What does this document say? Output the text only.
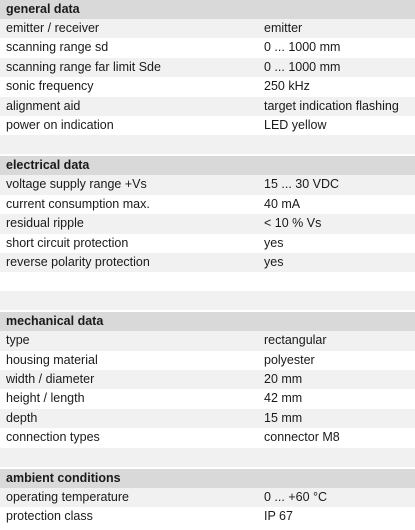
general data
emitter / receiver	emitter
scanning range sd	0 ... 1000 mm
scanning range far limit Sde	0 ... 1000 mm
sonic frequency	250 kHz
alignment aid	target indication flashing
power on indication	LED yellow
electrical data
voltage supply range +Vs	15 ... 30 VDC
current consumption max.	40 mA
residual ripple	< 10 % Vs
short circuit protection	yes
reverse polarity protection	yes
mechanical data
type	rectangular
housing material	polyester
width / diameter	20 mm
height / length	42 mm
depth	15 mm
connection types	connector M8
ambient conditions
operating temperature	0 ... +60 °C
protection class	IP 67
